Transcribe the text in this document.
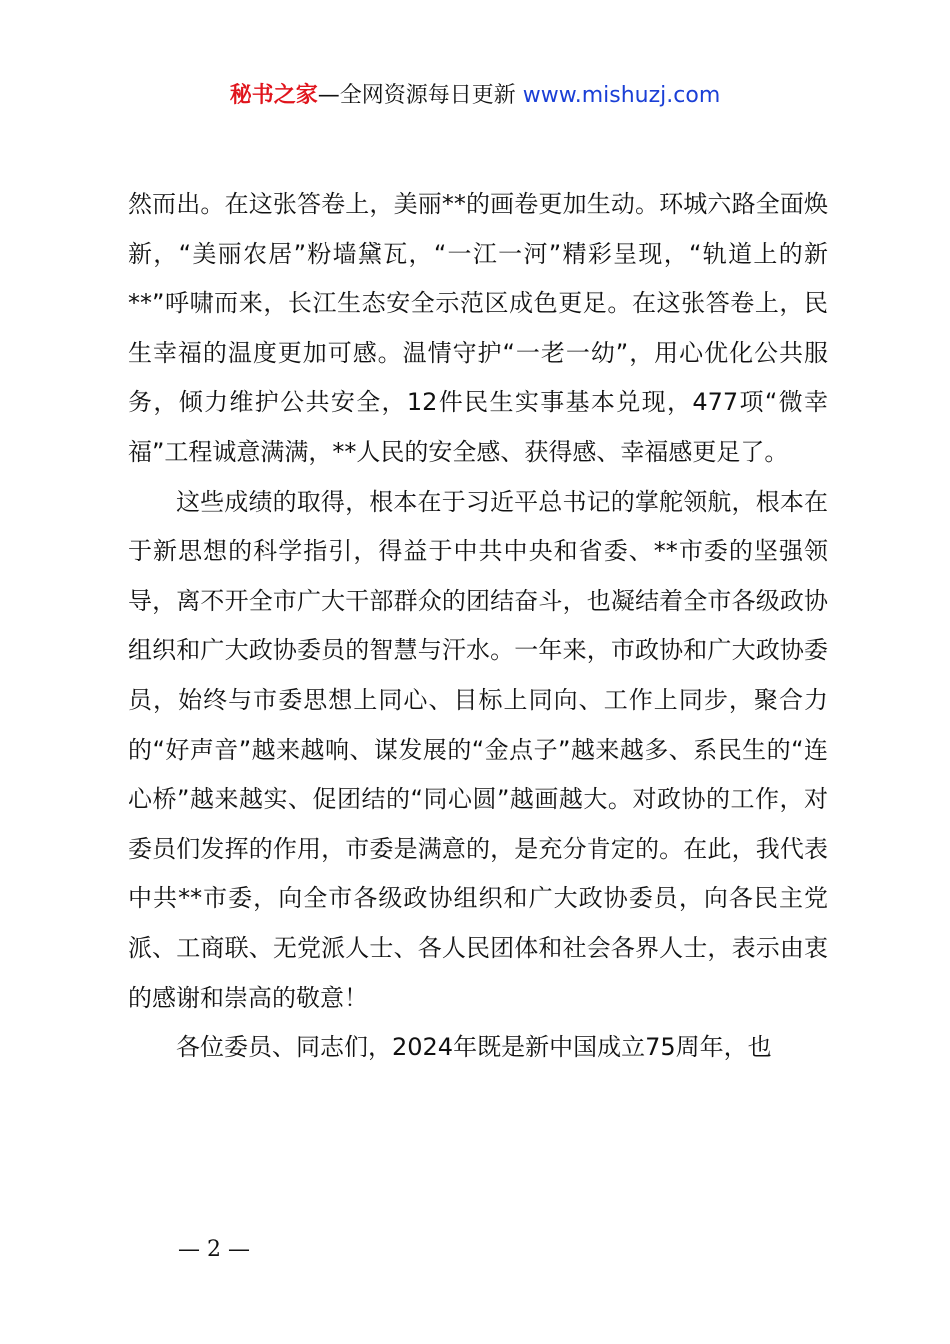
秘书之家—全网资源每日更新 www.mishuzj.com

然而出。在这张答卷上，美丽**的画卷更加生动。环城六路全面焕新，“美丽农居”粉墙黛瓦，“一江一河”精彩呈现，“轨道上的新**”呼啸而来，长江生态安全示范区成色更足。在这张答卷上，民生幸福的温度更加可感。温情守护“一老一幼”，用心优化公共服务，倾力维护公共安全，12件民生实事基本兑现，477项“微幸福”工程诚意满满，**人民的安全感、获得感、幸福感更足了。

这些成绩的取得，根本在于习近平总书记的掌舵领航，根本在于新思想的科学指引，得益于中共中央和省委、**市委的坚强领导，离不开全市广大干部群众的团结奋斗，也凝结着全市各级政协组织和广大政协委员的智慧与汗水。一年来，市政协和广大政协委员，始终与市委思想上同心、目标上同向、工作上同步，聚合力的“好声音”越来越响、谋发展的“金点子”越来越多、系民生的“连心桥”越来越实、促团结的“同心圆”越画越大。对政协的工作，对委员们发挥的作用，市委是满意的，是充分肯定的。在此，我代表中共**市委，向全市各级政协组织和广大政协委员，向各民主党派、工商联、无党派人士、各人民团体和社会各界人士，表示由衷的感谢和崇高的敬意！

各位委员、同志们，2024年既是新中国成立75周年，也

— 2 —
